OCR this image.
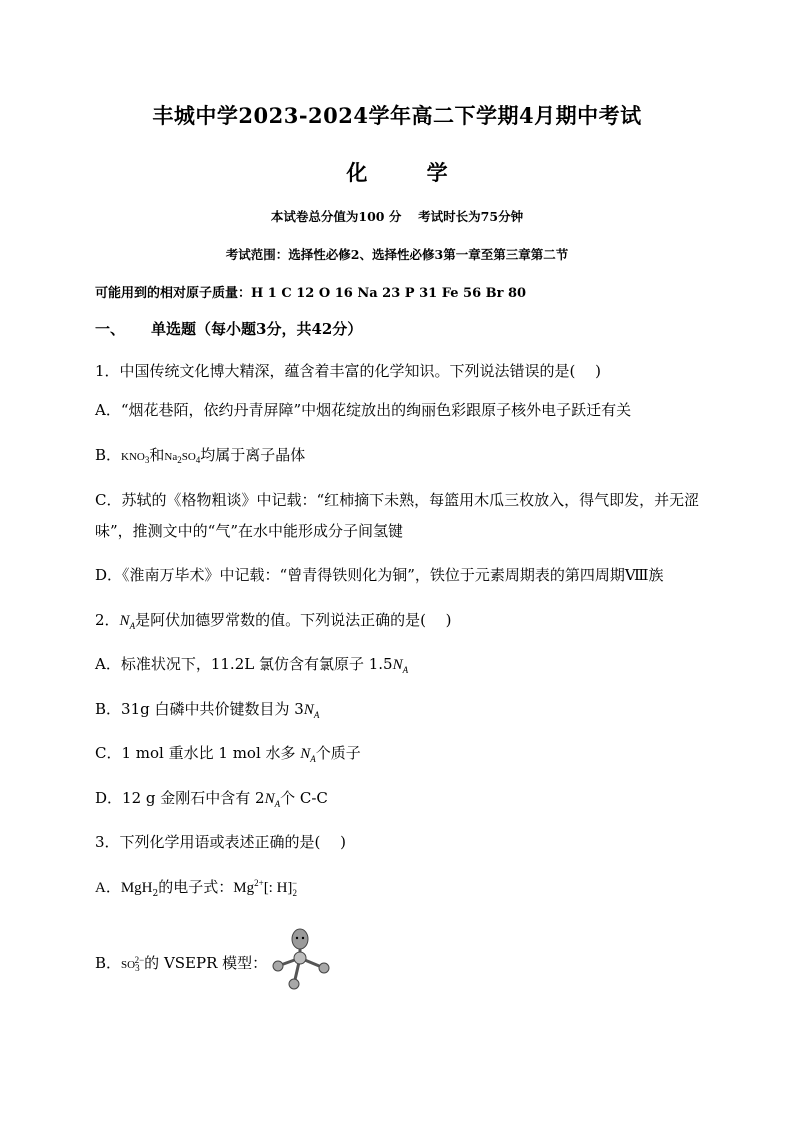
丰城中学2023-2024学年高二下学期4月期中考试
化 学
本试卷总分值为100 分　 考试时长为75分钟
考试范围：选择性必修2、选择性必修3第一章至第三章第二节
可能用到的相对原子质量：H 1 C 12 O 16 Na 23 P 31 Fe 56 Br 80
一、 单选题（每小题3分，共42分）
1．中国传统文化博大精深，蕴含着丰富的化学知识。下列说法错误的是(　 )
A．“烟花巷陌，依约丹青屏障”中烟花绽放出的绚丽色彩跟原子核外电子跃迁有关
B．$KNO_3$和$Na_2SO_4$均属于离子晶体
C．苏轼的《格物粗谈》中记载：“红柿摘下未熟，每篮用木瓜三枚放入，得气即发，并无涩
味”，推测文中的“气”在水中能形成分子间氢键
D．《淮南万毕术》中记载：“曾青得铁则化为铜”，铁位于元素周期表的第四周期Ⅷ族
2．$N_A$是阿伏加德罗常数的值。下列说法正确的是(　 )
A．标准状况下，11.2L 氯仿含有氯原子 $1.5N_A$
B．31g 白磷中共价键数目为 $3N_A$
C．1 mol 重水比 1 mol 水多 $N_A$个质子
D．12 g 金刚石中含有 $2N_A$个 C-C
3．下列化学用语或表述正确的是(　 )
A．MgH$_2$的电子式：$Mg^{2+}$[: $H]_2^-$
B．$SO_3^{2-}$的 VSEPR 模型：
